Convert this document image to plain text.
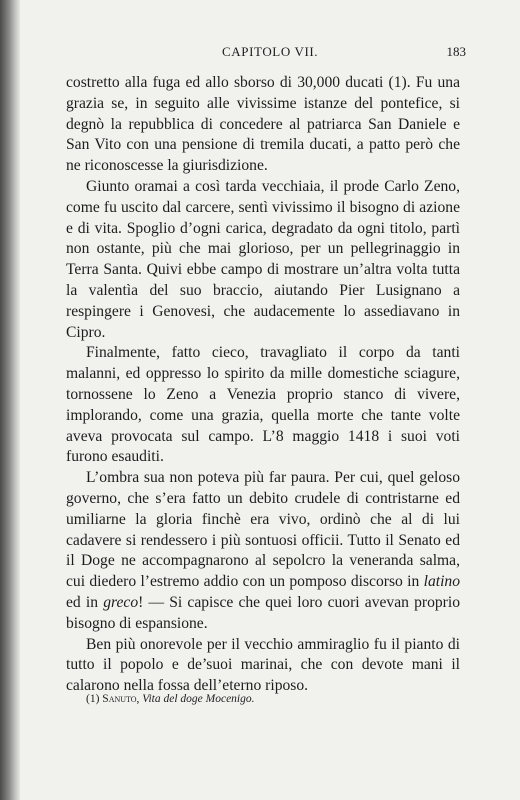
CAPITOLO VII.	183

costretto alla fuga ed allo sborso di 30,000 ducati (1). Fu una grazia se, in seguito alle vivissime istanze del pontefice, si degnò la repubblica di concedere al patriarca San Daniele e San Vito con una pensione di tremila ducati, a patto però che ne riconoscesse la giurisdizione.

Giunto oramai a così tarda vecchiaia, il prode Carlo Zeno, come fu uscito dal carcere, sentì vivissimo il bisogno di azione e di vita. Spoglio d’ogni carica, degradato da ogni titolo, partì non ostante, più che mai glorioso, per un pellegrinaggio in Terra Santa. Quivi ebbe campo di mostrare un’altra volta tutta la valentìa del suo braccio, aiutando Pier Lusignano a respingere i Genovesi, che audacemente lo assediavano in Cipro.

Finalmente, fatto cieco, travagliato il corpo da tanti malanni, ed oppresso lo spirito da mille domestiche sciagure, tornossene lo Zeno a Venezia proprio stanco di vivere, implorando, come una grazia, quella morte che tante volte aveva provocata sul campo. L’8 maggio 1418 i suoi voti furono esauditi.

L’ombra sua non poteva più far paura. Per cui, quel geloso governo, che s’era fatto un debito crudele di contristarne ed umiliarne la gloria finchè era vivo, ordinò che al di lui cadavere si rendessero i più sontuosi officii. Tutto il Senato ed il Doge ne accompagnarono al sepolcro la veneranda salma, cui diedero l’estremo addio con un pomposo discorso in latino ed in greco! — Si capisce che quei loro cuori avevan proprio bisogno di espansione.

Ben più onorevole per il vecchio ammiraglio fu il pianto di tutto il popolo e de’suoi marinai, che con devote mani il calarono nella fossa dell’eterno riposo.

(1) Sanuto, Vita del doge Mocenigo.
